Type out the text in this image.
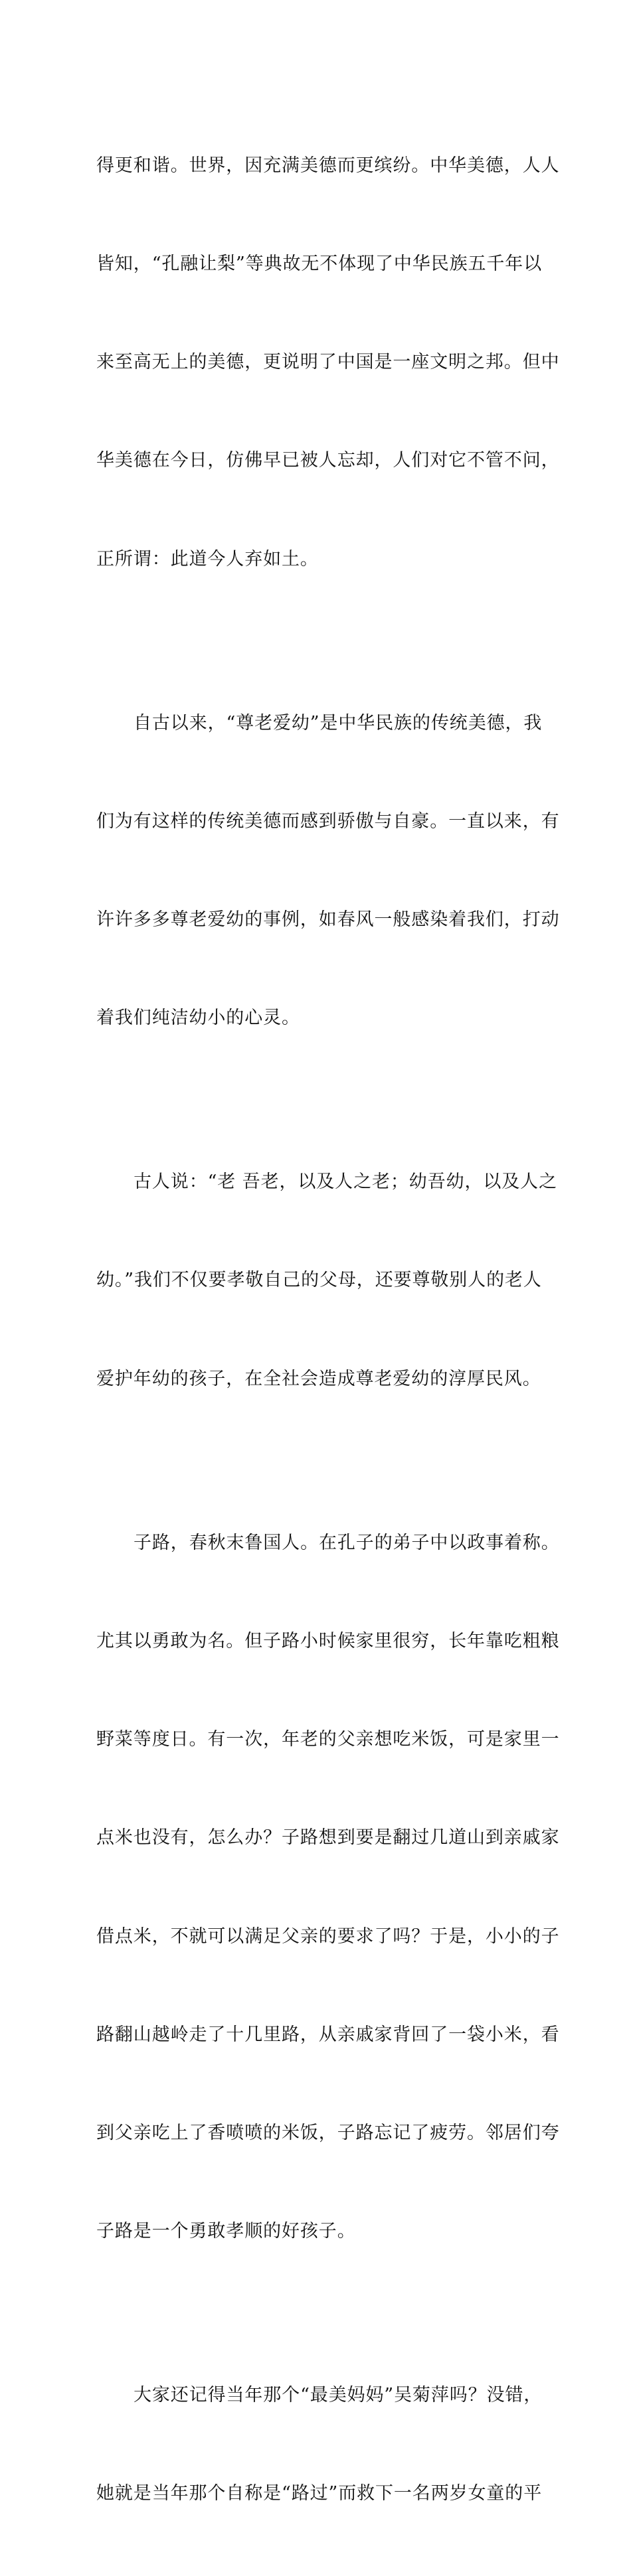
得更和谐。世界，因充满美德而更缤纷。中华美德，人人

皆知，“孔融让梨”等典故无不体现了中华民族五千年以

来至高无上的美德，更说明了中国是一座文明之邦。但中

华美德在今日，仿佛早已被人忘却，人们对它不管不问，

正所谓：此道今人弃如土。

自古以来，“尊老爱幼”是中华民族的传统美德，我

们为有这样的传统美德而感到骄傲与自豪。一直以来，有

许许多多尊老爱幼的事例，如春风一般感染着我们，打动

着我们纯洁幼小的心灵。

古人说：“老 吾老，以及人之老；幼吾幼，以及人之

幼。”我们不仅要孝敬自己的父母，还要尊敬别人的老人

爱护年幼的孩子，在全社会造成尊老爱幼的淳厚民风。

子路，春秋末鲁国人。在孔子的弟子中以政事着称。

尤其以勇敢为名。但子路小时候家里很穷，长年靠吃粗粮

野菜等度日。有一次，年老的父亲想吃米饭，可是家里一

点米也没有，怎么办？子路想到要是翻过几道山到亲戚家

借点米，不就可以满足父亲的要求了吗？于是，小小的子

路翻山越岭走了十几里路，从亲戚家背回了一袋小米，看

到父亲吃上了香喷喷的米饭，子路忘记了疲劳。邻居们夸

子路是一个勇敢孝顺的好孩子。

大家还记得当年那个“最美妈妈”吴菊萍吗？没错，

她就是当年那个自称是“路过”而救下一名两岁女童的平
